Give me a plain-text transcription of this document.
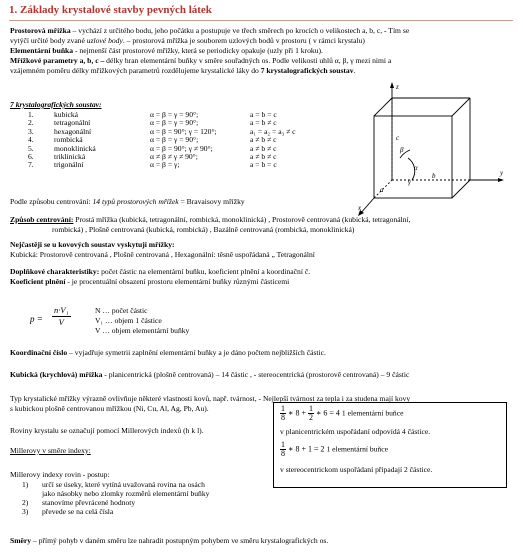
1. Základy krystalové stavby pevných látek
Prostorová mřížka – vychází z určitého bodu, jeho počátku a postupuje ve třech směrech po krocích o velikostech a, b, c, - Tím se
vytýčí určité body zvané uzlové body. – prostorová mřížka je souborem uzlových bodů v prostoru ( v rámci krystalu)
Elementární buňka - nejmenší část prostorové mřížky, která se periodicky opakuje (uzly při 1 kroku).
Mřížkové parametry a, b, c – délky hran elementární buňky v směre souřadných os. Podle velikosti uhlů α, β, γ mezi nimi a
vzájemném poměru délky mřížkových parametrů rozdělujeme krystalické láky do 7 krystalografických soustav.
7 krystalografických soustav:
1.	kubická	α = β = γ = 90°;	a = b = c
2.	tetragonální	α = β = γ = 90°;	a = b ≠ c
3.	hexagonální	α = β = 90°; γ = 120°;	a₁ = a₂ = a₃ ≠ c
4.	rombická	α = β = γ = 90°;	a ≠ b ≠ c
5.	monoklinická	α = β = 90°; γ ≠ 90°;	a ≠ b ≠ c
6.	triklinická	α ≠ β ≠ γ ≠ 90°;	a ≠ b ≠ c
7.	trigonální	α = β = γ;	a = b = c
z
y
x
a
b
c
α
β
γ
Podle způsobu centrování: 14 typů prostorových mřížek = Bravaisovy mřížky
Způsob centrování: Prostá mřížka (kubická, tetragonální, rombická, monoklinická) , Prostorově centrovaná (kubická, tetragonální,
rombická) , Plošně centrovaná (kubická, rombická) , Bazálně centrovaná (rombická, monoklinická)
Nejčastěji se u kovových soustav vyskytují mřížky:
Kubická: Prostorově centrovaná , Plošně centrovaná , Hexagonální: těsně uspořádaná „ Tetragonální
Doplňkové charakteristiky: počet částic na elementární buňku, koeficient plnění a koordinační č.
Koeficient plnění - je procentuální obsazení prostoru elementární buňky různými částicemi
$p = \frac{\text{n·V₁}}{V}$	N … počet částic
V₁ … objem 1 částice
V … objem elementární buňky
Koordinační číslo – vyjadřuje symetrii zaplnění elementární buňky a je dáno počtem nejbližších částic.
Kubická (krychlová) mřížka - planicentrická (plošně centrovaná) – 14 částic , - stereocentrická (prostorově centrovaná) – 9 částic
Typ krystalické mřížky výrazně ovlivňuje některé vlastnosti kovů, např. tvárnost, - Nejlepší tvárnost za tepla i za studena mají kovy
s kubickou plošně centrovanou mřížkou (Ni, Cu, Al, Ag, Pb, Au).
Roviny krystalu se označují pomocí Millerových indexů (h k l).
Millerovy v směre indexy:
Millerovy indexy rovin - postup:
1) určí se úseky, které vytíná uvažovaná rovina na osách
jako násobky nebo zlomky rozměrů elementární buňky
2) stanovíme převrácené hodnoty
3) převede se na celá čísla
$\frac{1}{8}$ ∗ $8 + \frac{1}{2}$ ∗ 6 = 4 1 elementární buňce
v planicentrickém uspořádaní odpovídá 4 částice.
$\frac{1}{8}$ ∗ 8 + 1 = 2 1 elementární buňce
v stereocentrickom uspořádaní připadají 2 částice.
Směry – přímý pohyb v daném směru lze nahradit postupným pohybem ve směru krystalografických os.
